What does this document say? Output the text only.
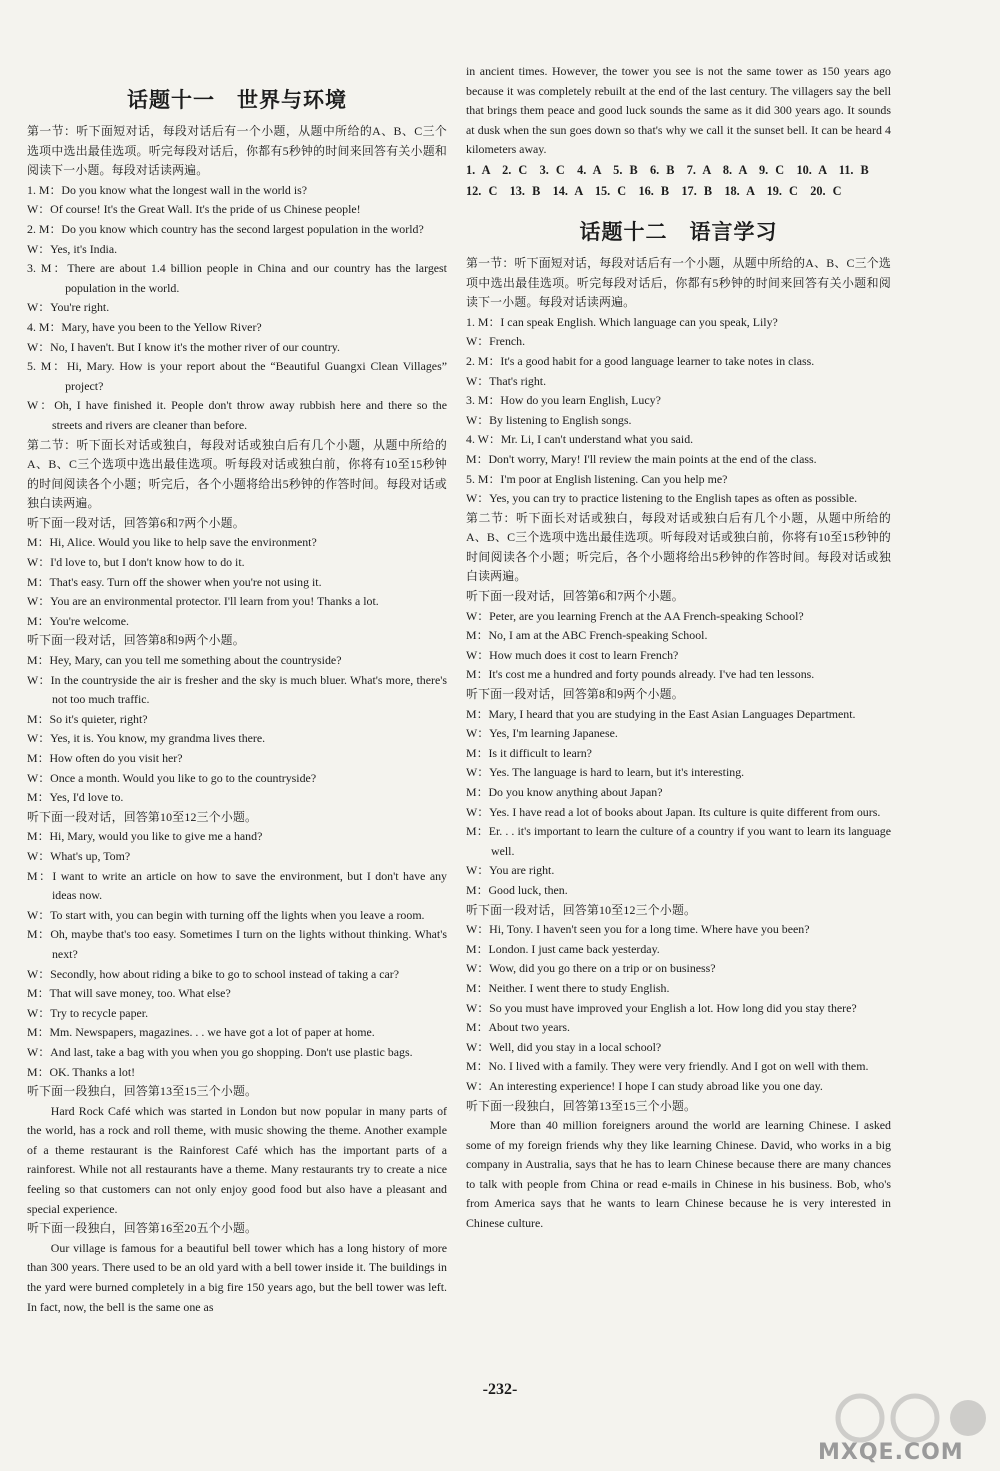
话题十一　世界与环境

第一节：听下面短对话，每段对话后有一个小题，从题中所给的A、B、C三个选项中选出最佳选项。听完每段对话后，你都有5秒钟的时间来回答有关小题和阅读下一小题。每段对话读两遍。

1. M：Do you know what the longest wall in the world is?

W：Of course! It's the Great Wall. It's the pride of us Chinese people!

2. M：Do you know which country has the second largest population in the world?

W：Yes, it's India.

3. M：There are about 1.4 billion people in China and our country has the largest population in the world.

W：You're right.

4. M：Mary, have you been to the Yellow River?

W：No, I haven't. But I know it's the mother river of our country.

5. M：Hi, Mary. How is your report about the “Beautiful Guangxi Clean Villages” project?

W：Oh, I have finished it. People don't throw away rubbish here and there so the streets and rivers are cleaner than before.

第二节：听下面长对话或独白，每段对话或独白后有几个小题，从题中所给的A、B、C三个选项中选出最佳选项。听每段对话或独白前，你将有10至15秒钟的时间阅读各个小题；听完后，各个小题将给出5秒钟的作答时间。每段对话或独白读两遍。

听下面一段对话，回答第6和7两个小题。

M：Hi, Alice. Would you like to help save the environment?

W：I'd love to, but I don't know how to do it.

M：That's easy. Turn off the shower when you're not using it.

W：You are an environmental protector. I'll learn from you! Thanks a lot.

M：You're welcome.

听下面一段对话，回答第8和9两个小题。

M：Hey, Mary, can you tell me something about the countryside?

W：In the countryside the air is fresher and the sky is much bluer. What's more, there's not too much traffic.

M：So it's quieter, right?

W：Yes, it is. You know, my grandma lives there.

M：How often do you visit her?

W：Once a month. Would you like to go to the countryside?

M：Yes, I'd love to.

听下面一段对话，回答第10至12三个小题。

M：Hi, Mary, would you like to give me a hand?

W：What's up, Tom?

M：I want to write an article on how to save the environment, but I don't have any ideas now.

W：To start with, you can begin with turning off the lights when you leave a room.

M：Oh, maybe that's too easy. Sometimes I turn on the lights without thinking. What's next?

W：Secondly, how about riding a bike to go to school instead of taking a car?

M：That will save money, too. What else?

W：Try to recycle paper.

M：Mm. Newspapers, magazines. . . we have got a lot of paper at home.

W：And last, take a bag with you when you go shopping. Don't use plastic bags.

M：OK. Thanks a lot!

听下面一段独白，回答第13至15三个小题。

Hard Rock Café which was started in London but now popular in many parts of the world, has a rock and roll theme, with music showing the theme. Another example of a theme restaurant is the Rainforest Café which has the important parts of a rainforest. While not all restaurants have a theme. Many restaurants try to create a nice feeling so that customers can not only enjoy good food but also have a pleasant and special experience.

听下面一段独白，回答第16至20五个小题。

Our village is famous for a beautiful bell tower which has a long history of more than 300 years. There used to be an old yard with a bell tower inside it. The buildings in the yard were burned completely in a big fire 150 years ago, but the bell tower was left. In fact, now, the bell is the same one as

in ancient times. However, the tower you see is not the same tower as 150 years ago because it was completely rebuilt at the end of the last century. The villagers say the bell that brings them peace and good luck sounds the same as it did 300 years ago. It sounds at dusk when the sun goes down so that's why we call it the sunset bell. It can be heard 4 kilometers away.

1. A　2. C　3. C　4. A　5. B　6. B　7. A　8. A　9. C　10. A　11. B

12. C　13. B　14. A　15. C　16. B　17. B　18. A　19. C　20. C

话题十二　语言学习

第一节：听下面短对话，每段对话后有一个小题，从题中所给的A、B、C三个选项中选出最佳选项。听完每段对话后，你都有5秒钟的时间来回答有关小题和阅读下一小题。每段对话读两遍。

1. M：I can speak English. Which language can you speak, Lily?

W：French.

2. M：It's a good habit for a good language learner to take notes in class.

W：That's right.

3. M：How do you learn English, Lucy?

W：By listening to English songs.

4. W：Mr. Li, I can't understand what you said.

M：Don't worry, Mary! I'll review the main points at the end of the class.

5. M：I'm poor at English listening. Can you help me?

W：Yes, you can try to practice listening to the English tapes as often as possible.

第二节：听下面长对话或独白，每段对话或独白后有几个小题，从题中所给的A、B、C三个选项中选出最佳选项。听每段对话或独白前，你将有10至15秒钟的时间阅读各个小题；听完后，各个小题将给出5秒钟的作答时间。每段对话或独白读两遍。

听下面一段对话，回答第6和7两个小题。

W：Peter, are you learning French at the AA French-speaking School?

M：No, I am at the ABC French-speaking School.

W：How much does it cost to learn French?

M：It's cost me a hundred and forty pounds already. I've had ten lessons.

听下面一段对话，回答第8和9两个小题。

M：Mary, I heard that you are studying in the East Asian Languages Department.

W：Yes, I'm learning Japanese.

M：Is it difficult to learn?

W：Yes. The language is hard to learn, but it's interesting.

M：Do you know anything about Japan?

W：Yes. I have read a lot of books about Japan. Its culture is quite different from ours.

M：Er. . . it's important to learn the culture of a country if you want to learn its language well.

W：You are right.

M：Good luck, then.

听下面一段对话，回答第10至12三个小题。

W：Hi, Tony. I haven't seen you for a long time. Where have you been?

M：London. I just came back yesterday.

W：Wow, did you go there on a trip or on business?

M：Neither. I went there to study English.

W：So you must have improved your English a lot. How long did you stay there?

M：About two years.

W：Well, did you stay in a local school?

M：No. I lived with a family. They were very friendly. And I got on well with them.

W：An interesting experience! I hope I can study abroad like you one day.

听下面一段独白，回答第13至15三个小题。

More than 40 million foreigners around the world are learning Chinese. I asked some of my foreign friends why they like learning Chinese. David, who works in a big company in Australia, says that he has to learn Chinese because there are many chances to talk with people from China or read e-mails in Chinese in his business. Bob, who's from America says that he wants to learn Chinese because he is very interested in Chinese culture.

-232-
MXQE.COM
